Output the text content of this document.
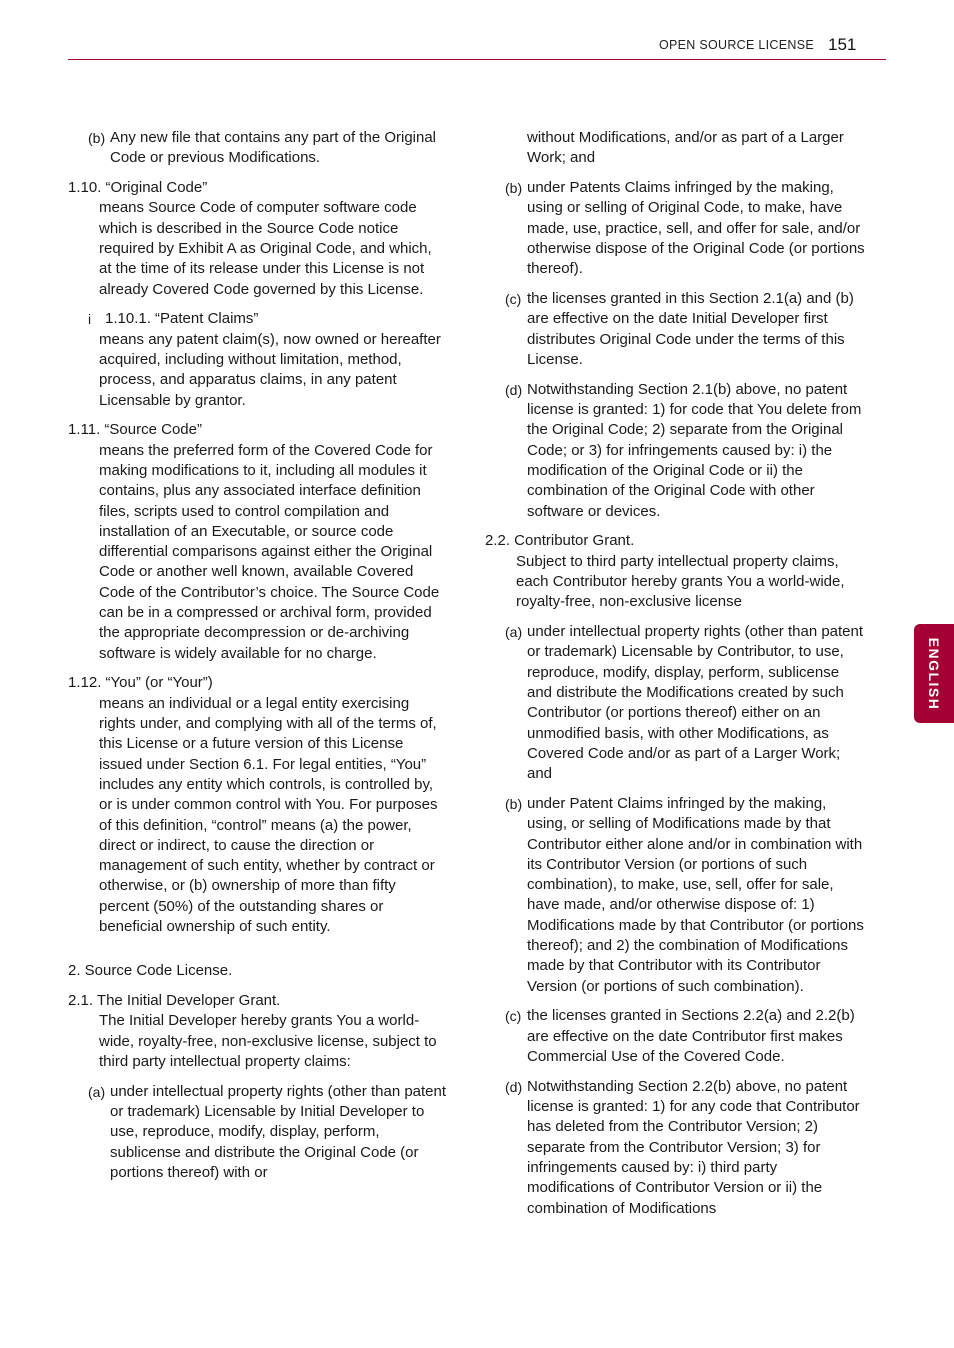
OPEN SOURCE LICENSE 151
ENGLISH
(b) Any new file that contains any part of the Original Code or previous Modifications.

1.10. “Original Code”

means Source Code of computer software code which is described in the Source Code notice required by Exhibit A as Original Code, and which, at the time of its release under this License is not already Covered Code governed by this License.

i 1.10.1. “Patent Claims”

means any patent claim(s), now owned or hereafter acquired, including without limitation, method, process, and apparatus claims, in any patent Licensable by grantor.

1.11. “Source Code”

means the preferred form of the Covered Code for making modifications to it, including all modules it contains, plus any associated interface definition files, scripts used to control compilation and installation of an Executable, or source code differential comparisons against either the Original Code or another well known, available Covered Code of the Contributor’s choice. The Source Code can be in a compressed or archival form, provided the appropriate decompression or de-archiving software is widely available for no charge.

1.12. “You” (or “Your”)

means an individual or a legal entity exercising rights under, and complying with all of the terms of, this License or a future version of this License issued under Section 6.1. For legal entities, “You” includes any entity which controls, is controlled by, or is under common control with You. For purposes of this definition, “control” means (a) the power, direct or indirect, to cause the direction or management of such entity, whether by contract or otherwise, or (b) ownership of more than fifty percent (50%) of the outstanding shares or beneficial ownership of such entity.

2. Source Code License.

2.1. The Initial Developer Grant.

The Initial Developer hereby grants You a world-wide, royalty-free, non-exclusive license, subject to third party intellectual property claims:

(a) under intellectual property rights (other than patent or trademark) Licensable by Initial Developer to use, reproduce, modify, display, perform, sublicense and distribute the Original Code (or portions thereof) with or

without Modifications, and/or as part of a Larger Work; and

(b) under Patents Claims infringed by the making, using or selling of Original Code, to make, have made, use, practice, sell, and offer for sale, and/or otherwise dispose of the Original Code (or portions thereof).

(c) the licenses granted in this Section 2.1(a) and (b) are effective on the date Initial Developer first distributes Original Code under the terms of this License.

(d) Notwithstanding Section 2.1(b) above, no patent license is granted: 1) for code that You delete from the Original Code; 2) separate from the Original Code; or 3) for infringements caused by: i) the modification of the Original Code or ii) the combination of the Original Code with other software or devices.

2.2. Contributor Grant.

Subject to third party intellectual property claims, each Contributor hereby grants You a world-wide, royalty-free, non-exclusive license

(a) under intellectual property rights (other than patent or trademark) Licensable by Contributor, to use, reproduce, modify, display, perform, sublicense and distribute the Modifications created by such Contributor (or portions thereof) either on an unmodified basis, with other Modifications, as Covered Code and/or as part of a Larger Work; and

(b) under Patent Claims infringed by the making, using, or selling of Modifications made by that Contributor either alone and/or in combination with its Contributor Version (or portions of such combination), to make, use, sell, offer for sale, have made, and/or otherwise dispose of: 1) Modifications made by that Contributor (or portions thereof); and 2) the combination of Modifications made by that Contributor with its Contributor Version (or portions of such combination).

(c) the licenses granted in Sections 2.2(a) and 2.2(b) are effective on the date Contributor first makes Commercial Use of the Covered Code.

(d) Notwithstanding Section 2.2(b) above, no patent license is granted: 1) for any code that Contributor has deleted from the Contributor Version; 2) separate from the Contributor Version; 3) for infringements caused by: i) third party modifications of Contributor Version or ii) the combination of Modifications
